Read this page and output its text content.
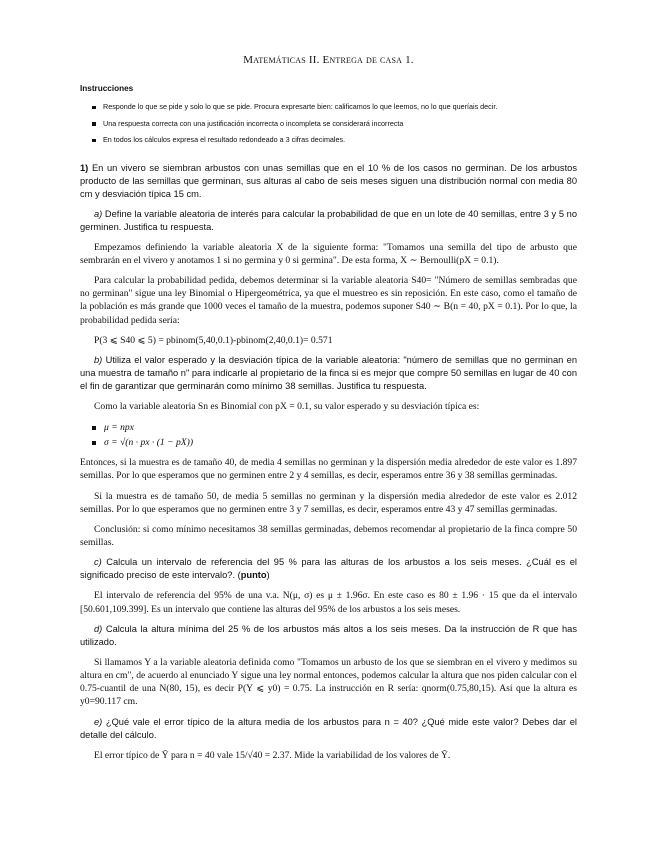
Matemáticas II. Entrega de casa 1.
Instrucciones
Responde lo que se pide y solo lo que se pide. Procura expresarte bien: calificamos lo que leemos, no lo que queríais decir.
Una respuesta correcta con una justificación incorrecta o incompleta se considerará incorrecta
En todos los cálculos expresa el resultado redondeado a 3 cifras decimales.

1) En un vivero se siembran arbustos con unas semillas que en el 10 % de los casos no germinan. De los arbustos producto de las semillas que germinan, sus alturas al cabo de seis meses siguen una distribución normal con media 80 cm y desviación típica 15 cm.

a) Define la variable aleatoria de interés para calcular la probabilidad de que en un lote de 40 semillas, entre 3 y 5 no germinen. Justifica tu respuesta.

Empezamos definiendo la variable aleatoria X de la siguiente forma: "Tomamos una semilla del tipo de arbusto que sembrarán en el vivero y anotamos 1 si no germina y 0 si germina". De esta forma, X ∼ Bernoulli(pX = 0.1).

Para calcular la probabilidad pedida, debemos determinar si la variable aleatoria S40= "Número de semillas sembradas que no germinan" sigue una ley Binomial o Hipergeométrica, ya que el muestreo es sin reposición. En este caso, como el tamaño de la población es más grande que 1000 veces el tamaño de la muestra, podemos suponer S40 ∼ B(n = 40, pX = 0.1). Por lo que, la probabilidad pedida sería:

P(3 ⩽ S40 ⩽ 5) = pbinom(5,40,0.1)-pbinom(2,40,0.1)= 0.571

b) Utiliza el valor esperado y la desviación típica de la variable aleatoria: "número de semillas que no germinan en una muestra de tamaño n" para indicarle al propietario de la finca si es mejor que compre 50 semillas en lugar de 40 con el fin de garantizar que germinarán como mínimo 38 semillas. Justifica tu respuesta.

Como la variable aleatoria Sn es Binomial con pX = 0.1, su valor esperado y su desviación típica es:

μ = npx
σ = √(n · px · (1 − pX))

Entonces, si la muestra es de tamaño 40, de media 4 semillas no germinan y la dispersión media alrededor de este valor es 1.897 semillas. Por lo que esperamos que no germinen entre 2 y 4 semillas, es decir, esperamos entre 36 y 38 semillas germinadas.

Si la muestra es de tamaño 50, de media 5 semillas no germinan y la dispersión media alrededor de este valor es 2.012 semillas. Por lo que esperamos que no germinen entre 3 y 7 semillas, es decir, esperamos entre 43 y 47 semillas germinadas.

Conclusión: si como mínimo necesitamos 38 semillas germinadas, debemos recomendar al propietario de la finca compre 50 semillas.

c) Calcula un intervalo de referencia del 95 % para las alturas de los arbustos a los seis meses. ¿Cuál es el significado preciso de este intervalo?. (punto)

El intervalo de referencia del 95% de una v.a. N(μ, σ) es μ ± 1.96σ. En este caso es 80 ± 1.96 · 15 que da el intervalo [50.601,109.399]. Es un intervalo que contiene las alturas del 95% de los arbustos a los seis meses.

d) Calcula la altura mínima del 25 % de los arbustos más altos a los seis meses. Da la instrucción de R que has utilizado.

Si llamamos Y a la variable aleatoria definida como "Tomamos un arbusto de los que se siembran en el vivero y medimos su altura en cm", de acuerdo al enunciado Y sigue una ley normal entonces, podemos calcular la altura que nos piden calcular con el 0.75-cuantil de una N(80, 15), es decir P(Y ⩽ y0) = 0.75. La instrucción en R sería: qnorm(0.75,80,15). Así que la altura es y0=90.117 cm.

e) ¿Qué vale el error típico de la altura media de los arbustos para n = 40? ¿Qué mide este valor? Debes dar el detalle del cálculo.

El error típico de Ỹ para n = 40 vale 15/√40 = 2.37. Mide la variabilidad de los valores de Ỹ.
